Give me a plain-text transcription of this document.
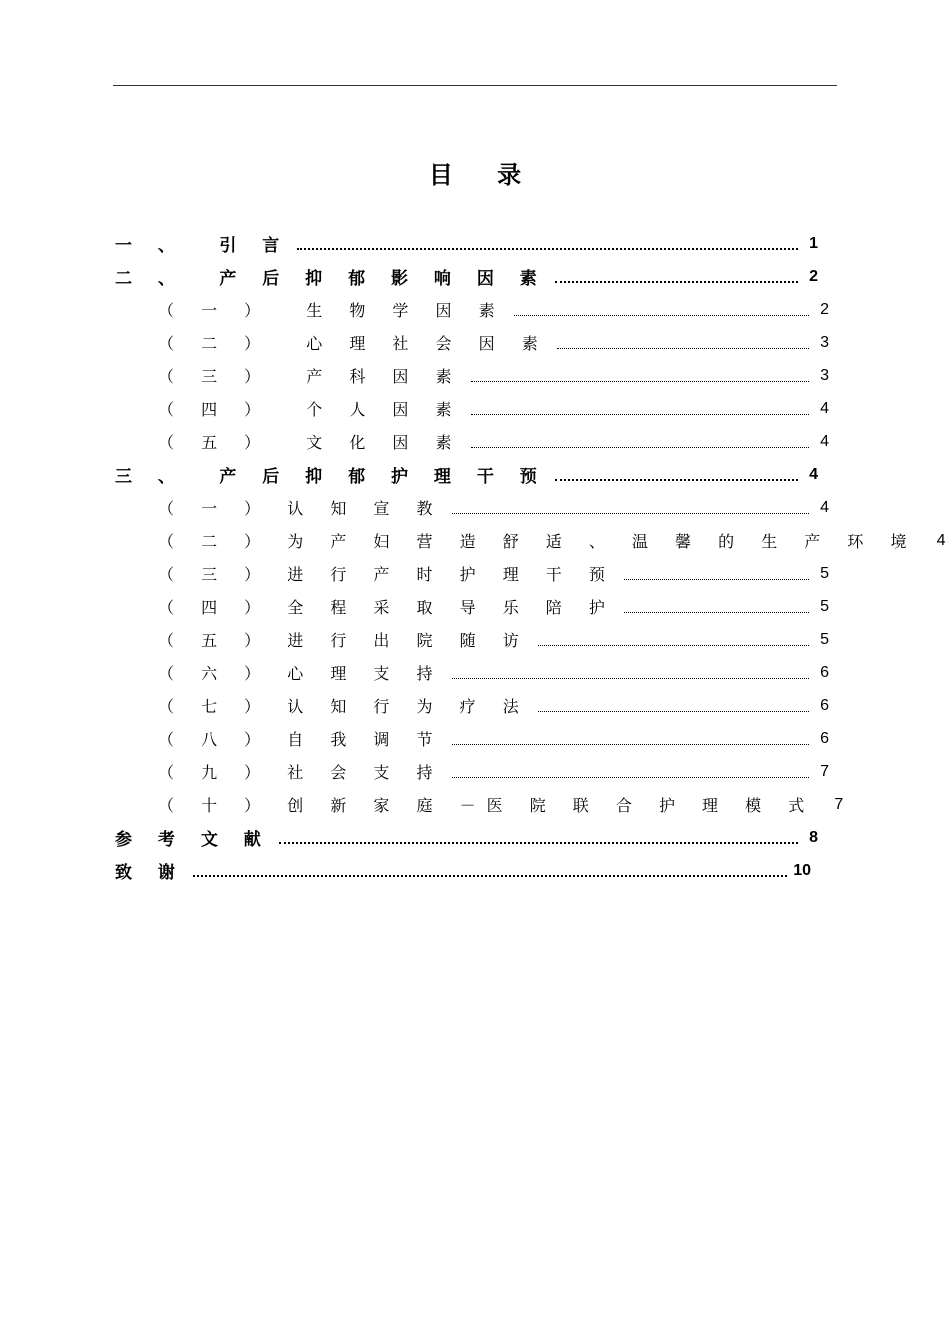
目 录
一 、　 引 言	1
二 、　 产 后 抑 郁 影 响 因 素	2
（ 一 ）　 生 物 学 因 素	2
（ 二 ）　 心 理 社 会 因 素	3
（ 三 ）　 产 科 因 素	3
（ 四 ）　 个 人 因 素	4
（ 五 ）　 文 化 因 素	4
三 、　 产 后 抑 郁 护 理 干 预	4
（ 一 ） 认 知 宣 教	4
（ 二 ） 为 产 妇 营 造 舒 适 、 温 馨 的 生 产 环 境	4
（ 三 ） 进 行 产 时 护 理 干 预	5
（ 四 ） 全 程 采 取 导 乐 陪 护	5
（ 五 ） 进 行 出 院 随 访	5
（ 六 ） 心 理 支 持	6
（ 七 ） 认 知 行 为 疗 法	6
（ 八 ） 自 我 调 节	6
（ 九 ） 社 会 支 持	7
（ 十 ） 创 新 家 庭 －医 院 联 合 护 理 模 式	7
参 考 文 献	8
致 谢	10
